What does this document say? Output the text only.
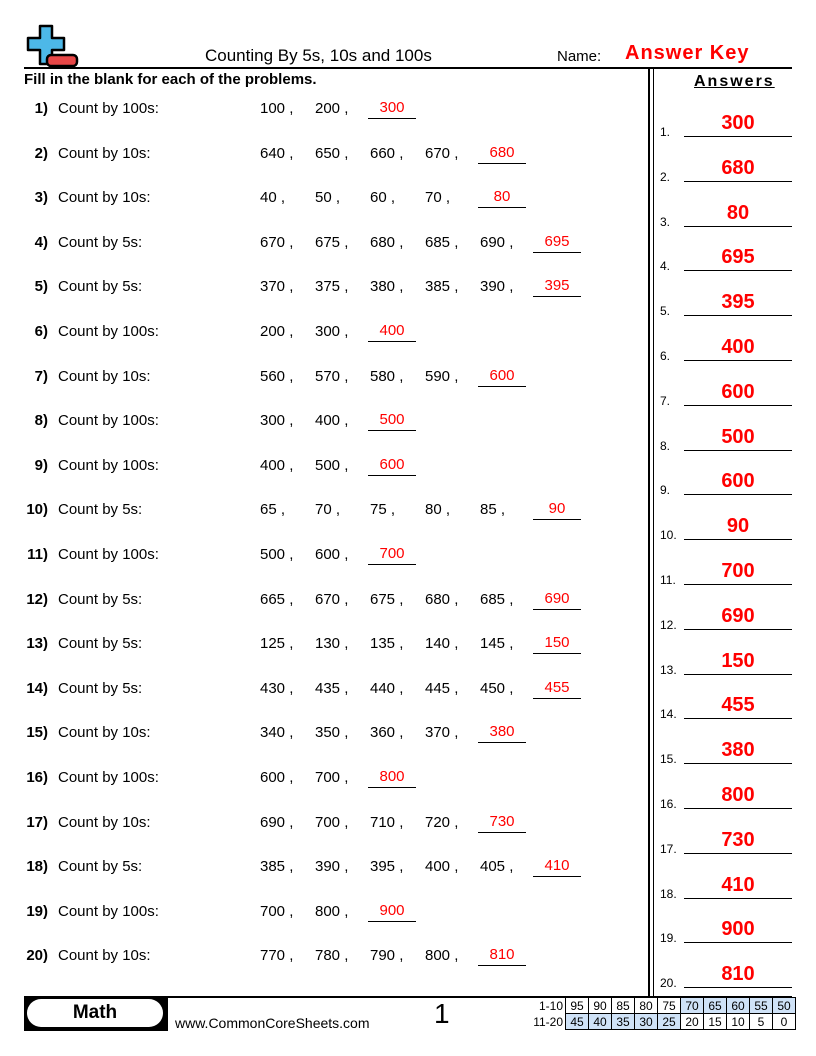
Counting By 5s, 10s and 100s	Name: Answer Key
Fill in the blank for each of the problems.	Answers
1) Count by 100s:	100 ,	200 ,	300
2) Count by 10s:	640 ,	650 ,	660 ,	670 ,	680
3) Count by 10s:	40 ,	50 ,	60 ,	70 ,	80
4) Count by 5s:	670 ,	675 ,	680 ,	685 ,	690 ,	695
5) Count by 5s:	370 ,	375 ,	380 ,	385 ,	390 ,	395
6) Count by 100s:	200 ,	300 ,	400
7) Count by 10s:	560 ,	570 ,	580 ,	590 ,	600
8) Count by 100s:	300 ,	400 ,	500
9) Count by 100s:	400 ,	500 ,	600
10) Count by 5s:	65 ,	70 ,	75 ,	80 ,	85 ,	90
11) Count by 100s:	500 ,	600 ,	700
12) Count by 5s:	665 ,	670 ,	675 ,	680 ,	685 ,	690
13) Count by 5s:	125 ,	130 ,	135 ,	140 ,	145 ,	150
14) Count by 5s:	430 ,	435 ,	440 ,	445 ,	450 ,	455
15) Count by 10s:	340 ,	350 ,	360 ,	370 ,	380
16) Count by 100s:	600 ,	700 ,	800
17) Count by 10s:	690 ,	700 ,	710 ,	720 ,	730
18) Count by 5s:	385 ,	390 ,	395 ,	400 ,	405 ,	410
19) Count by 100s:	700 ,	800 ,	900
20) Count by 10s:	770 ,	780 ,	790 ,	800 ,	810
1.	300
2.	680
3.	80
4.	695
5.	395
6.	400
7.	600
8.	500
9.	600
10.	90
11.	700
12.	690
13.	150
14.	455
15.	380
16.	800
17.	730
18.	410
19.	900
20.	810
Math	www.CommonCoreSheets.com 1	1-10	95	90	85	80	75	70	65	60	55	50
11-20	45	40	35	30	25	20	15	10	5	0
